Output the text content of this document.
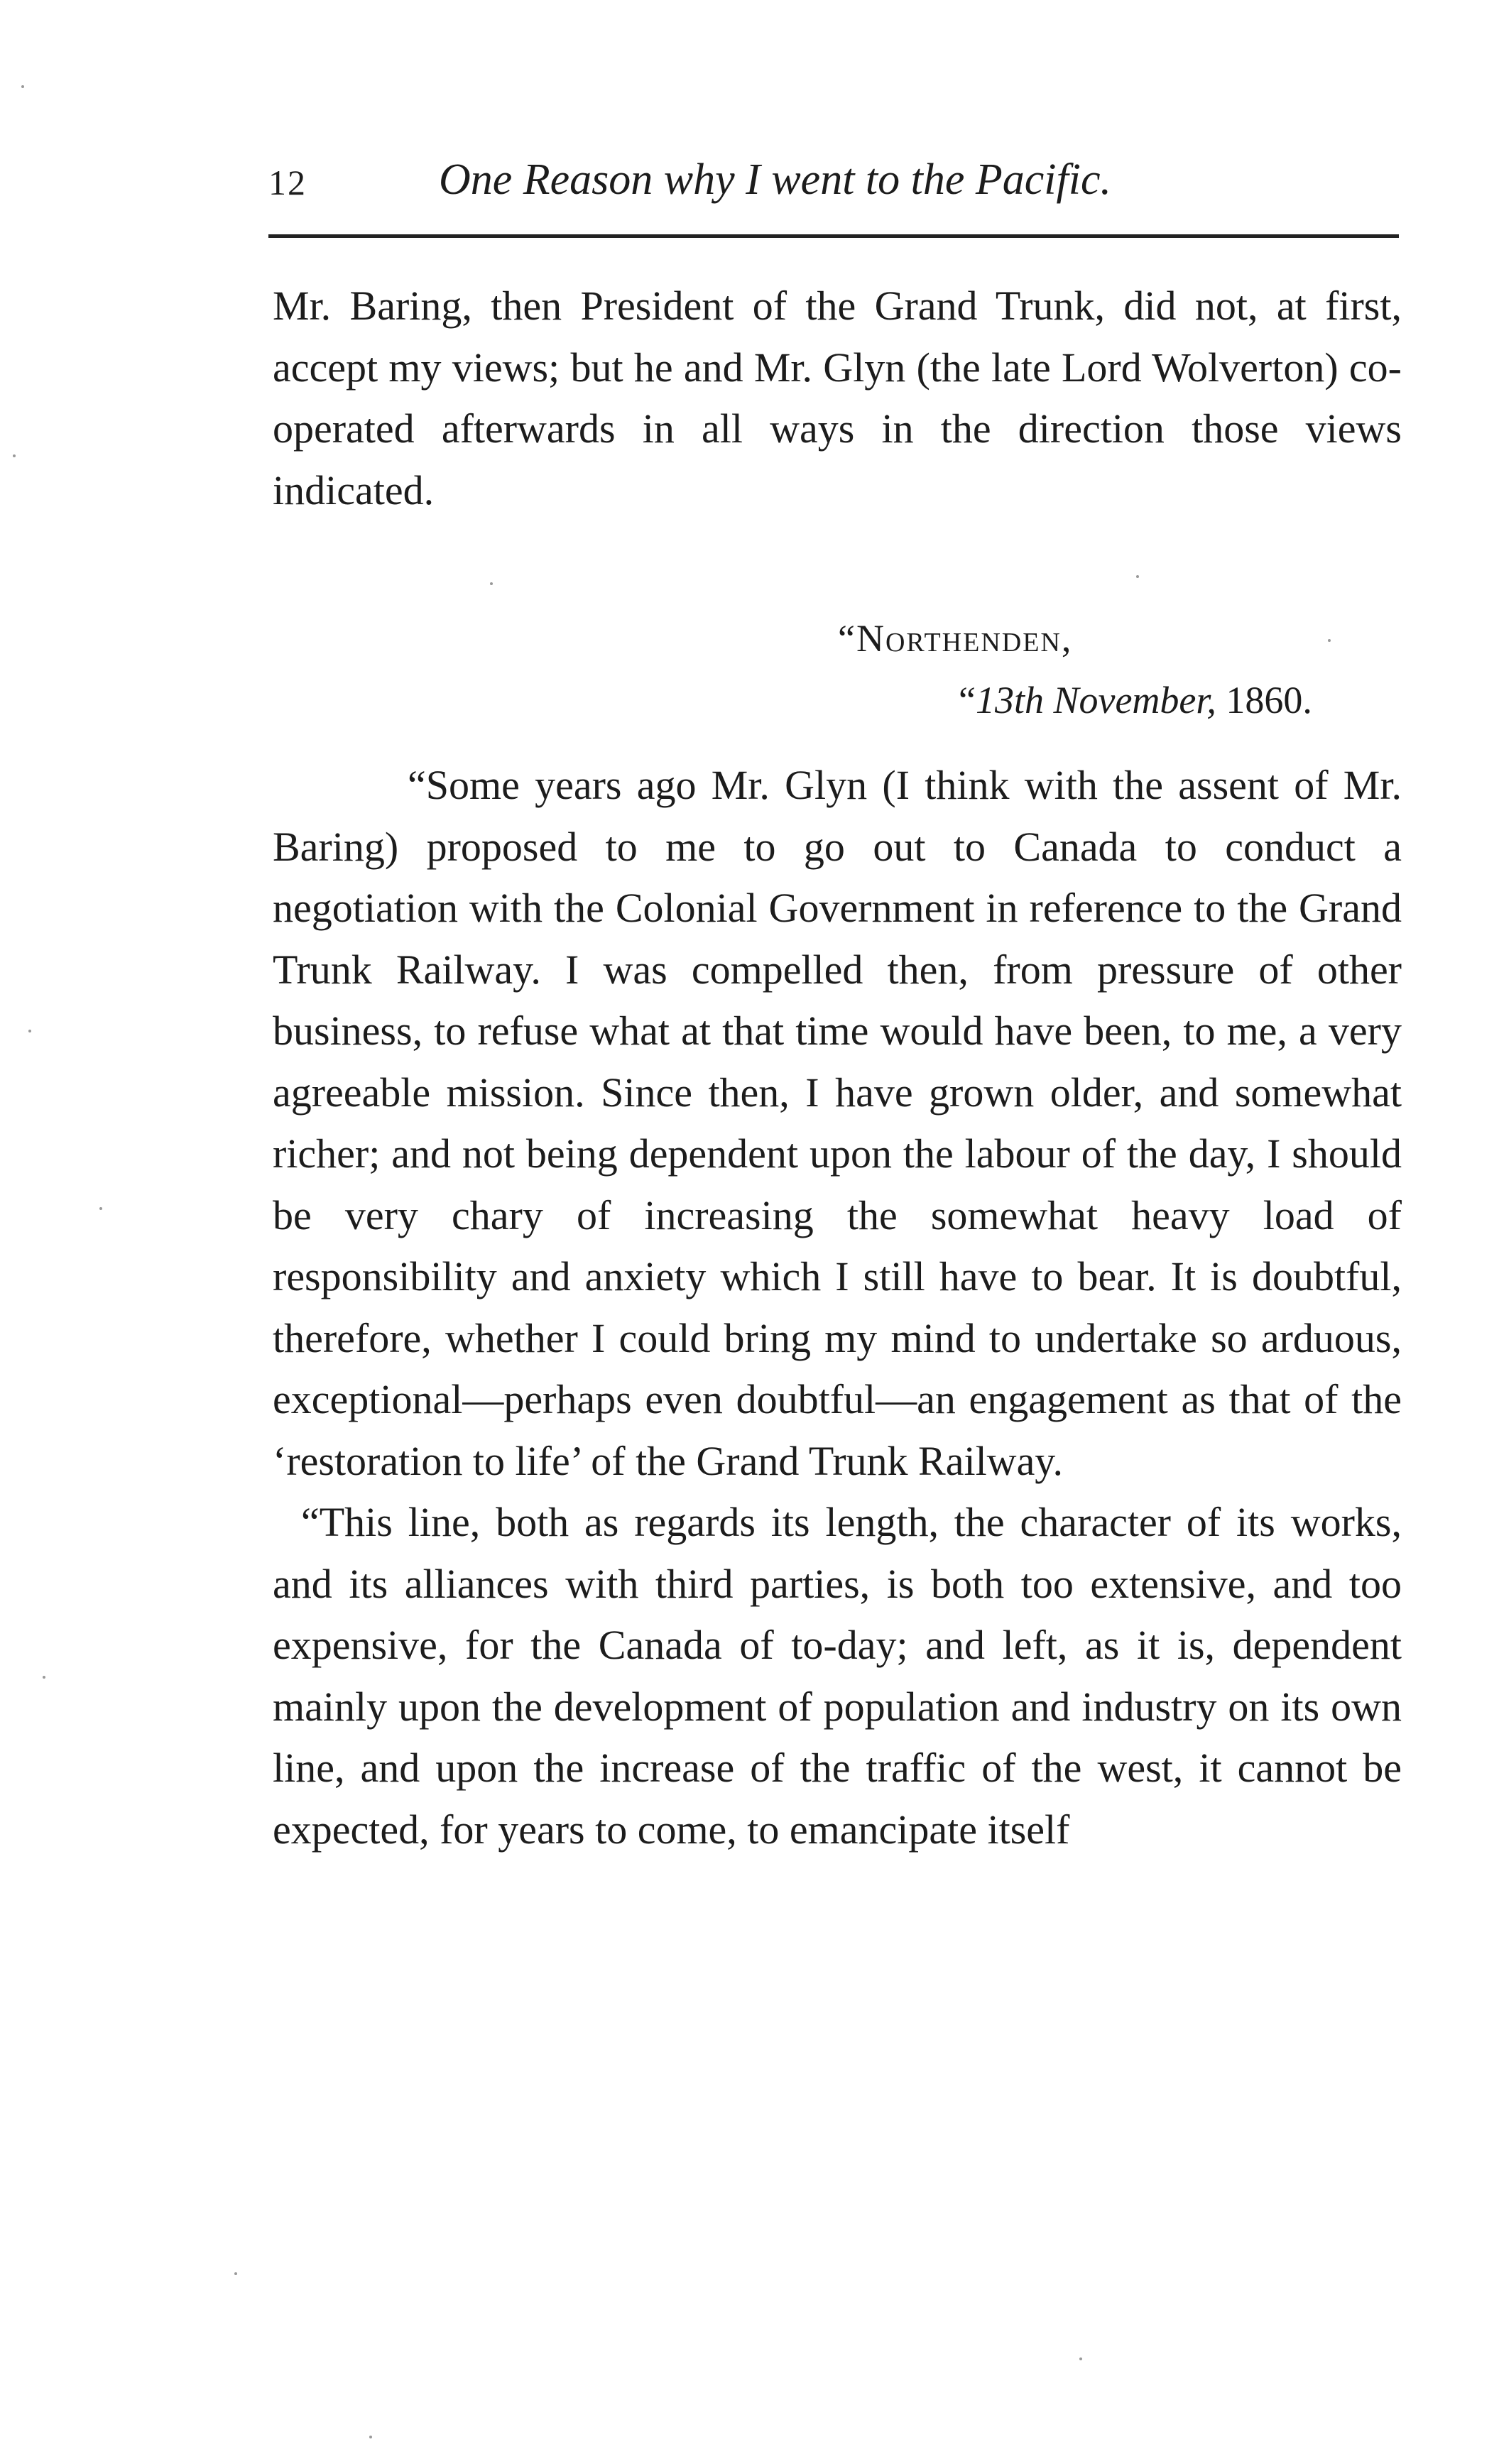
12	One Reason why I went to the Pacific.

Mr. Baring, then President of the Grand Trunk, did not, at first, accept my views; but he and Mr. Glyn (the late Lord Wolverton) co-operated afterwards in all ways in the direction those views indicated.

“Northenden,
“13th November, 1860.

“Some years ago Mr. Glyn (I think with the assent of Mr. Baring) proposed to me to go out to Canada to conduct a negotiation with the Colonial Government in reference to the Grand Trunk Railway. I was compelled then, from pressure of other business, to refuse what at that time would have been, to me, a very agreeable mission. Since then, I have grown older, and somewhat richer; and not being dependent upon the labour of the day, I should be very chary of increasing the somewhat heavy load of responsibility and anxiety which I still have to bear. It is doubtful, therefore, whether I could bring my mind to undertake so arduous, exceptional—perhaps even doubtful—an engagement as that of the ‘restoration to life’ of the Grand Trunk Railway.

“This line, both as regards its length, the character of its works, and its alliances with third parties, is both too extensive, and too expensive, for the Canada of to-day; and left, as it is, dependent mainly upon the development of population and industry on its own line, and upon the increase of the traffic of the west, it cannot be expected, for years to come, to emancipate itself
